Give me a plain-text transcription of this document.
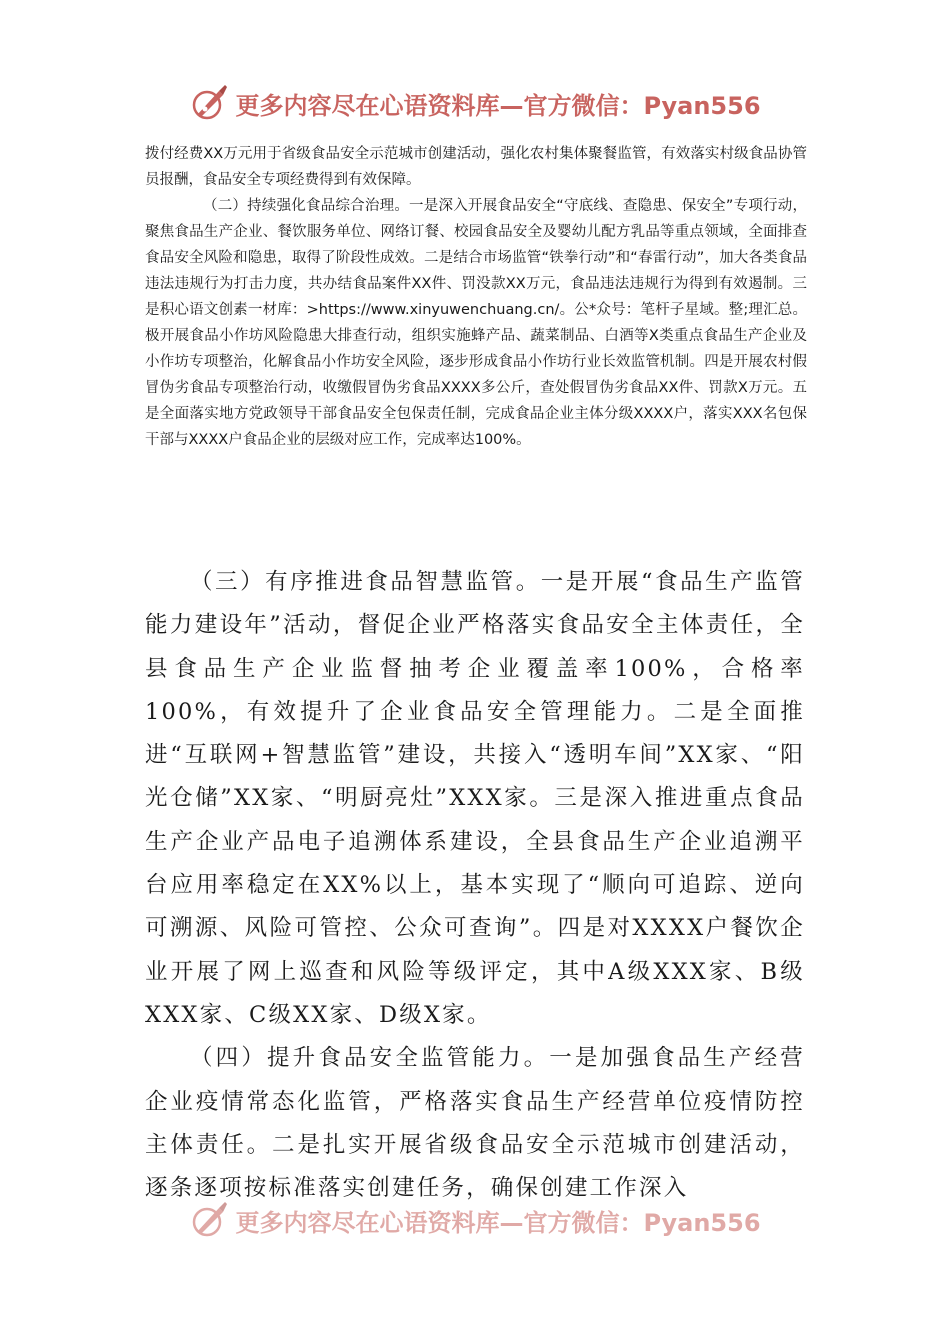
更多内容尽在心语资料库—官方微信：Pyan556

拨付经费XX万元用于省级食品安全示范城市创建活动，强化农村集体聚餐监管，有效落实村级食品协管员报酬，食品安全专项经费得到有效保障。

（二）持续强化食品综合治理。一是深入开展食品安全“守底线、查隐患、保安全”专项行动，聚焦食品生产企业、餐饮服务单位、网络订餐、校园食品安全及婴幼儿配方乳品等重点领域，全面排查食品安全风险和隐患，取得了阶段性成效。二是结合市场监管“铁拳行动”和“春雷行动”，加大各类食品违法违规行为打击力度，共办结食品案件XX件、罚没款XX万元，食品违法违规行为得到有效遏制。三是积心语文创素一材库：>https://www.xinyuwenchuang.cn/。公*众号：笔杆子星域。整;理汇总。极开展食品小作坊风险隐患大排查行动，组织实施蜂产品、蔬菜制品、白酒等X类重点食品生产企业及小作坊专项整治，化解食品小作坊安全风险，逐步形成食品小作坊行业长效监管机制。四是开展农村假冒伪劣食品专项整治行动，收缴假冒伪劣食品XXXX多公斤，查处假冒伪劣食品XX件、罚款X万元。五是全面落实地方党政领导干部食品安全包保责任制，完成食品企业主体分级XXXX户，落实XXX名包保干部与XXXX户食品企业的层级对应工作，完成率达100%。

（三）有序推进食品智慧监管。一是开展“食品生产监管能力建设年”活动，督促企业严格落实食品安全主体责任，全县食品生产企业监督抽考企业覆盖率100%，合格率100%，有效提升了企业食品安全管理能力。二是全面推进“互联网+智慧监管”建设，共接入“透明车间”XX家、“阳光仓储”XX家、“明厨亮灶”XXX家。三是深入推进重点食品生产企业产品电子追溯体系建设，全县食品生产企业追溯平台应用率稳定在XX%以上，基本实现了“顺向可追踪、逆向可溯源、风险可管控、公众可查询”。四是对XXXX户餐饮企业开展了网上巡查和风险等级评定，其中A级XXX家、B级XXX家、C级XX家、D级X家。

（四）提升食品安全监管能力。一是加强食品生产经营企业疫情常态化监管，严格落实食品生产经营单位疫情防控主体责任。二是扎实开展省级食品安全示范城市创建活动，逐条逐项按标准落实创建任务，确保创建工作深入

更多内容尽在心语资料库—官方微信：Pyan556
